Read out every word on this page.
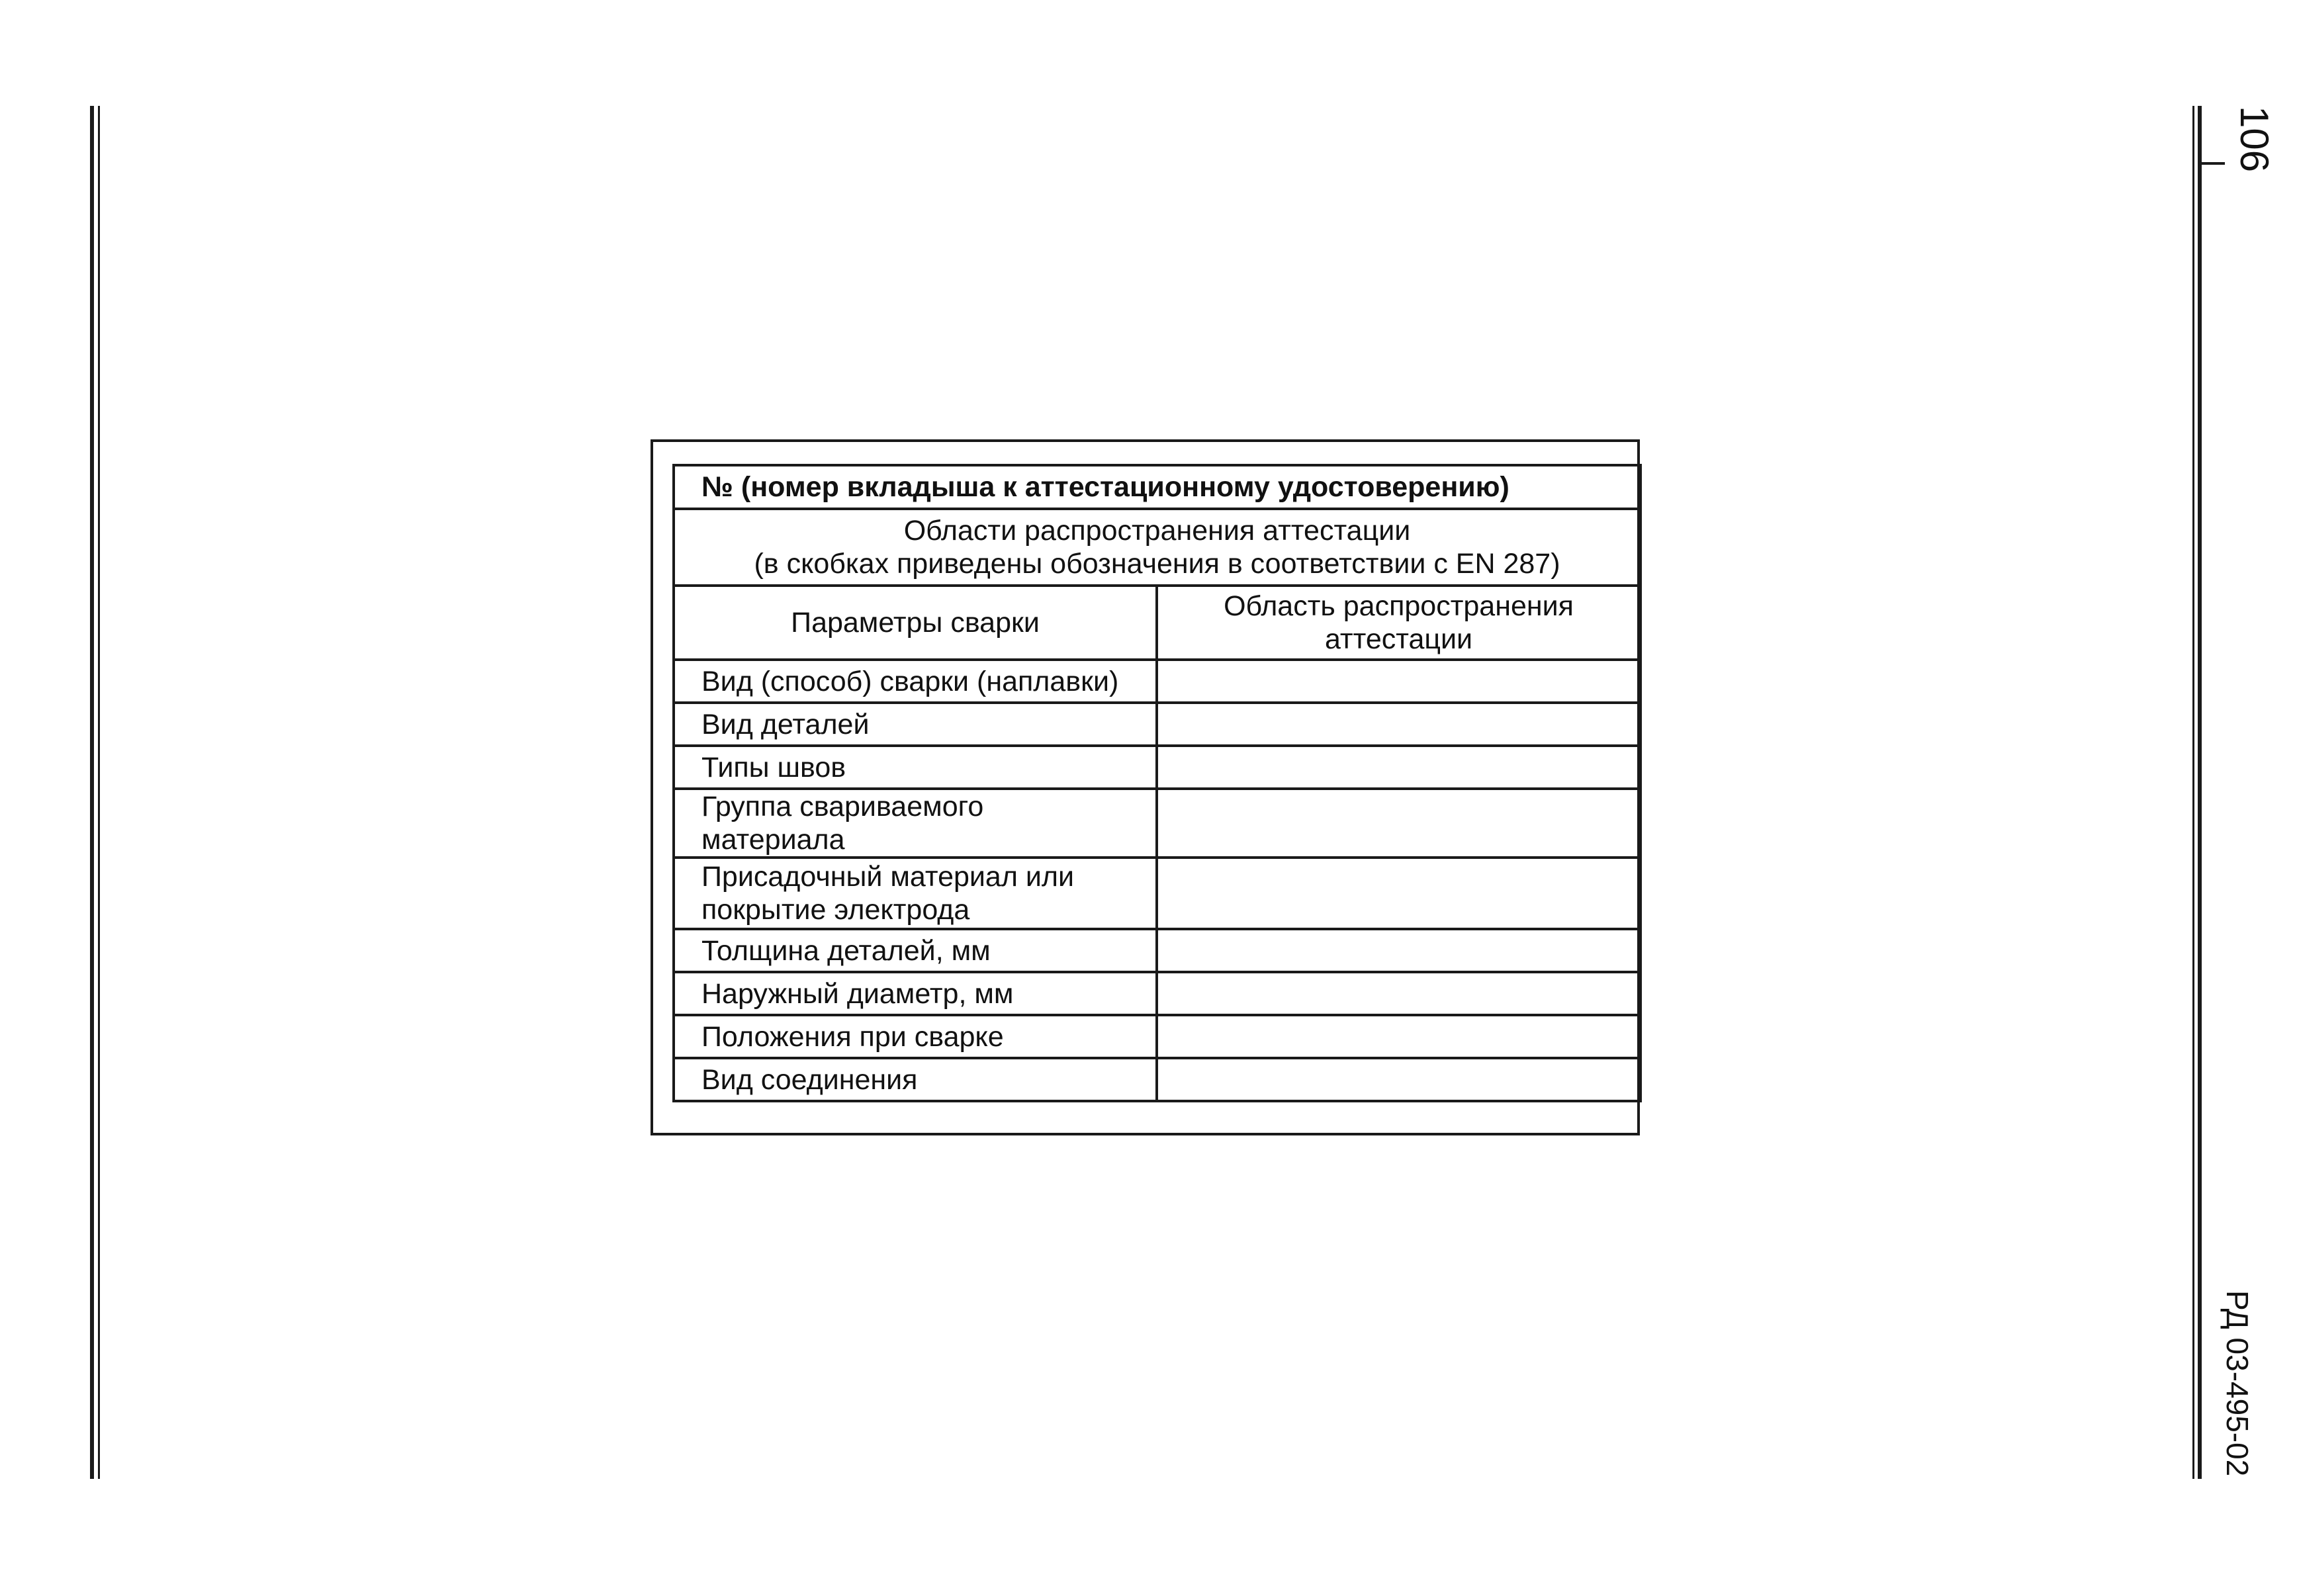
106
РД 03-495-02
№ (номер вкладыша к аттестационному удостоверению)	

Области распространения аттестации
(в скобках приведены обозначения в соответствии с EN 287)	

Параметры сварки	Область распространения аттестации
Вид (способ) сварки (наплавки)	
Вид деталей	
Типы швов	
Группа свариваемого материала	
Присадочный материал или покрытие электрода	
Толщина деталей, мм	
Наружный диаметр, мм	
Положения при сварке	
Вид соединения	
